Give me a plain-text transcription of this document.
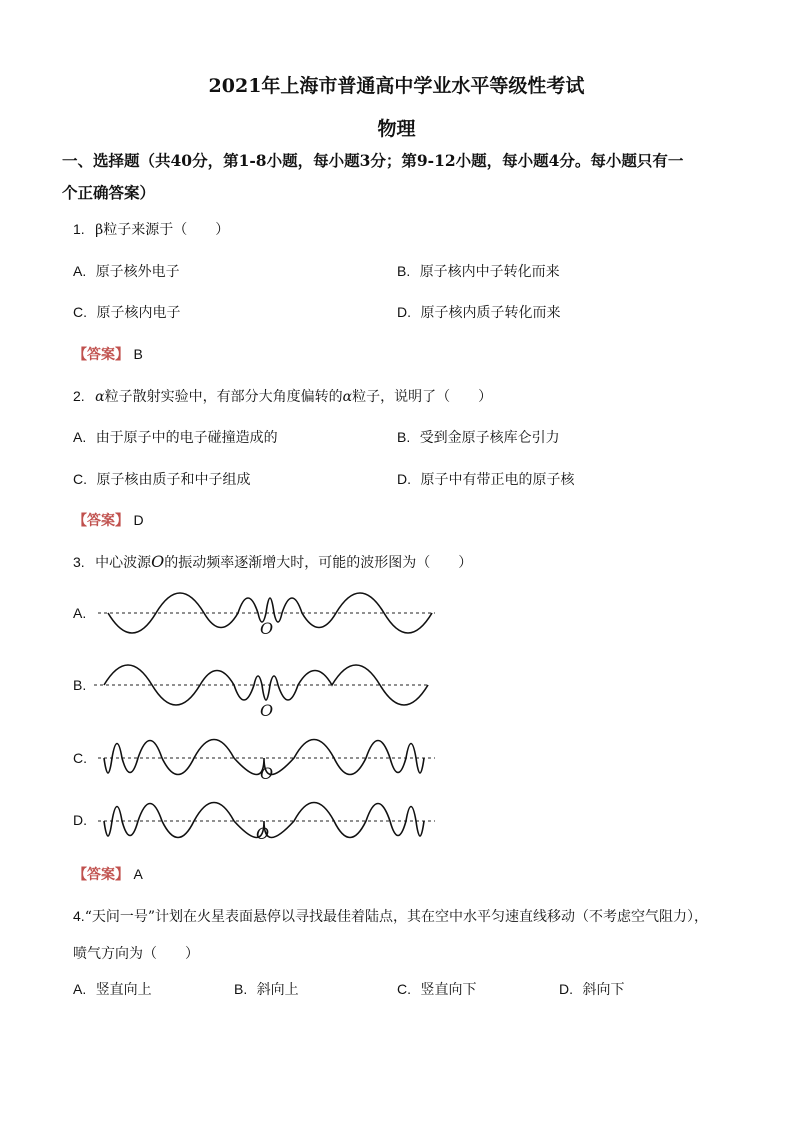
2021年上海市普通高中学业水平等级性考试
物理
一、选择题（共40分，第1-8小题，每小题3分；第9-12小题，每小题4分。每小题只有一
个正确答案）
1. β粒子来源于（　　）
A. 原子核外电子	B. 原子核内中子转化而来
C. 原子核内电子	D. 原子核内质子转化而来
【答案】 B
2. α粒子散射实验中，有部分大角度偏转的α粒子，说明了（　　）
A. 由于原子中的电子碰撞造成的	B. 受到金原子核库仑引力
C. 原子核由质子和中子组成	D. 原子中有带正电的原子核
【答案】 D
3. 中心波源O的振动频率逐渐增大时，可能的波形图为（　　）
A.
B.
C.
D.
O
O
O
O
【答案】 A
4.“天问一号”计划在火星表面悬停以寻找最佳着陆点，其在空中水平匀速直线移动（不考虑空气阻力），
喷气方向为（　　）
A. 竖直向上	B. 斜向上	C. 竖直向下	D. 斜向下
